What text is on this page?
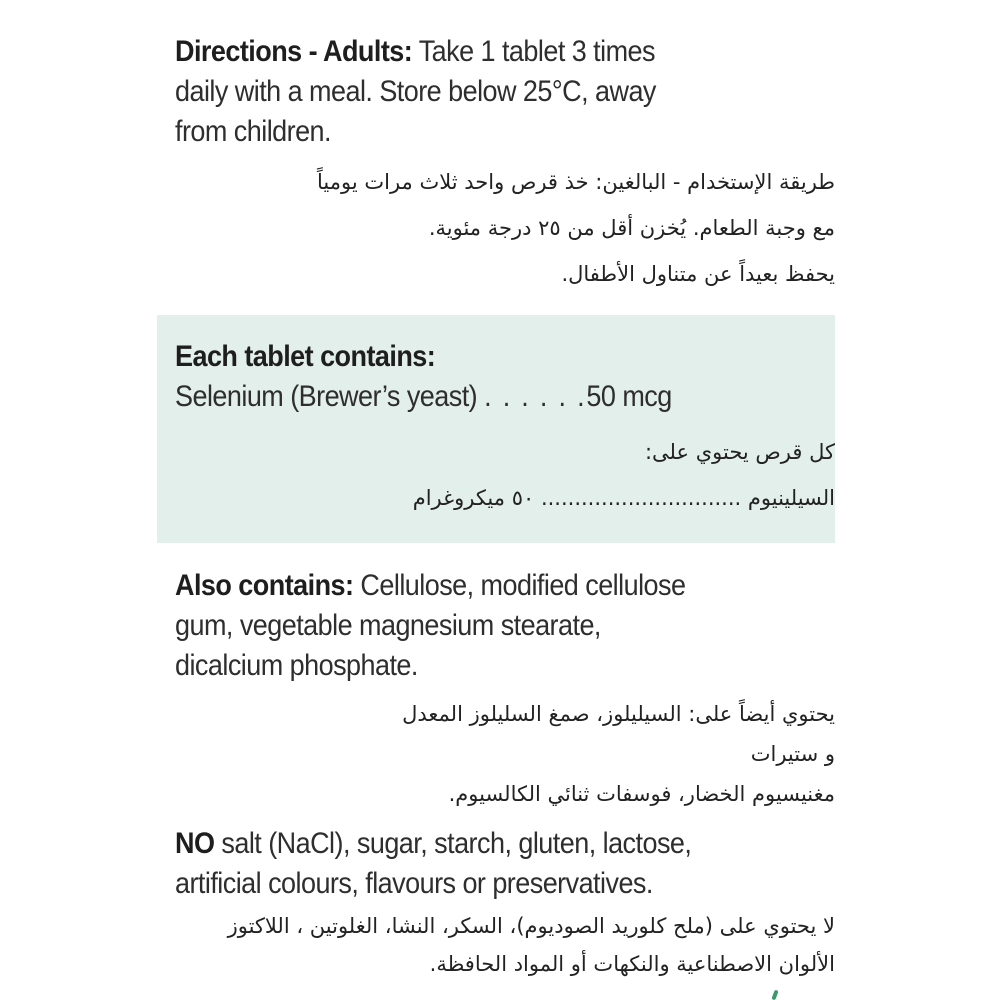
Directions - Adults: Take 1 tablet 3 times
daily with a meal. Store below 25°C, away
from children.
طريقة الإستخدام - البالغين: خذ قرص واحد ثلاث مرات يومياً
مع وجبة الطعام. يُخزن أقل من ٢٥ درجة مئوية.
يحفظ بعيداً عن متناول الأطفال.
Each tablet contains:
Selenium (Brewer’s yeast) . . . . . .50 mcg
كل قرص يحتوي على:
السيلينيوم .............................. ٥٠ ميكروغرام
Also contains: Cellulose, modified cellulose
gum, vegetable magnesium stearate,
dicalcium phosphate.
يحتوي أيضاً على: السيليلوز، صمغ السليلوز المعدل
و ستيرات
مغنيسيوم الخضار، فوسفات ثنائي الكالسيوم.
NO salt (NaCl), sugar, starch, gluten, lactose,
artificial colours, flavours or preservatives.
لا يحتوي على (ملح كلوريد الصوديوم)، السكر، النشا، الغلوتين ، اللاكتوز
الألوان الاصطناعية والنكهات أو المواد الحافظة.
